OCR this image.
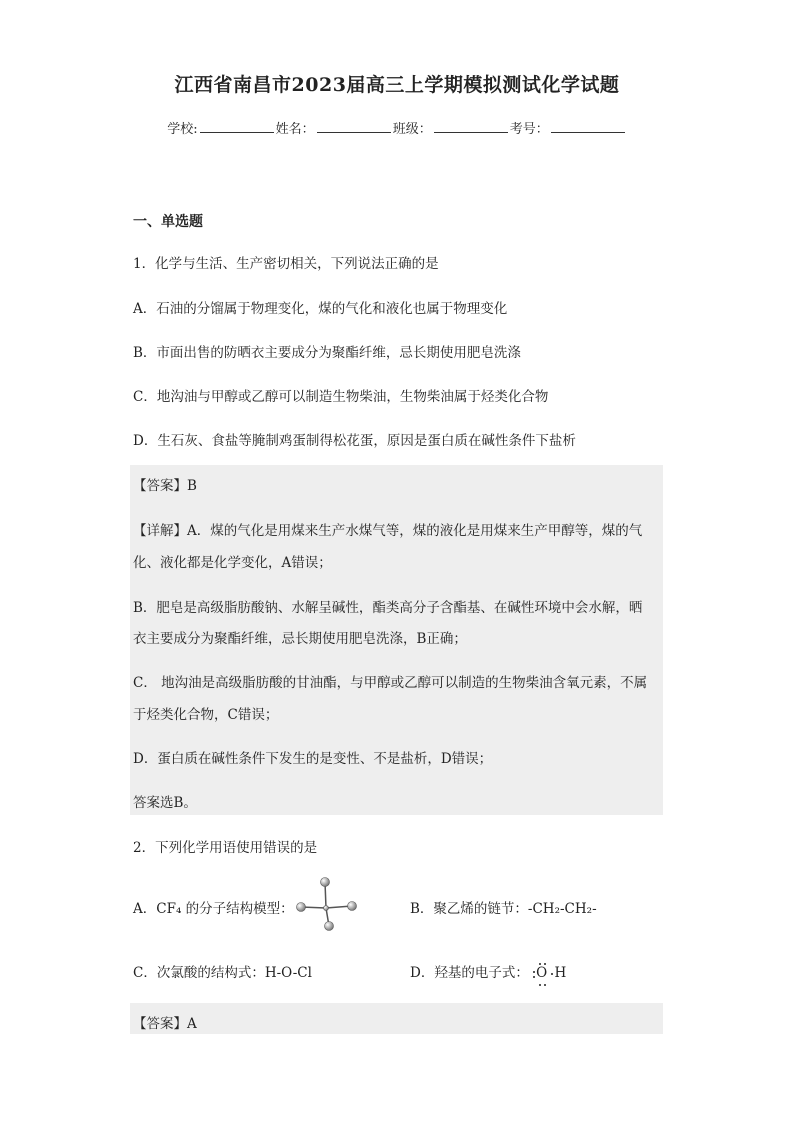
江西省南昌市2023届高三上学期模拟测试化学试题
学校:	姓名：	班级：	考号：
一、单选题
1．化学与生活、生产密切相关，下列说法正确的是
A．石油的分馏属于物理变化，煤的气化和液化也属于物理变化
B．市面出售的防晒衣主要成分为聚酯纤维，忌长期使用肥皂洗涤
C．地沟油与甲醇或乙醇可以制造生物柴油，生物柴油属于烃类化合物
D．生石灰、食盐等腌制鸡蛋制得松花蛋，原因是蛋白质在碱性条件下盐析
【答案】B
【详解】A．煤的气化是用煤来生产水煤气等，煤的液化是用煤来生产甲醇等，煤的气
化、液化都是化学变化，A错误；
B．肥皂是高级脂肪酸钠、水解呈碱性，酯类高分子含酯基、在碱性环境中会水解，晒
衣主要成分为聚酯纤维，忌长期使用肥皂洗涤，B正确；
C． 地沟油是高级脂肪酸的甘油酯，与甲醇或乙醇可以制造的生物柴油含氧元素，不属
于烃类化合物，C错误；
D．蛋白质在碱性条件下发生的是变性、不是盐析，D错误；
答案选B。
2．下列化学用语使用错误的是
A．CF₄ 的分子结构模型：	B．聚乙烯的链节：-CH₂-CH₂-
C．次氯酸的结构式：H-O-Cl	D．羟基的电子式： O H
【答案】A
